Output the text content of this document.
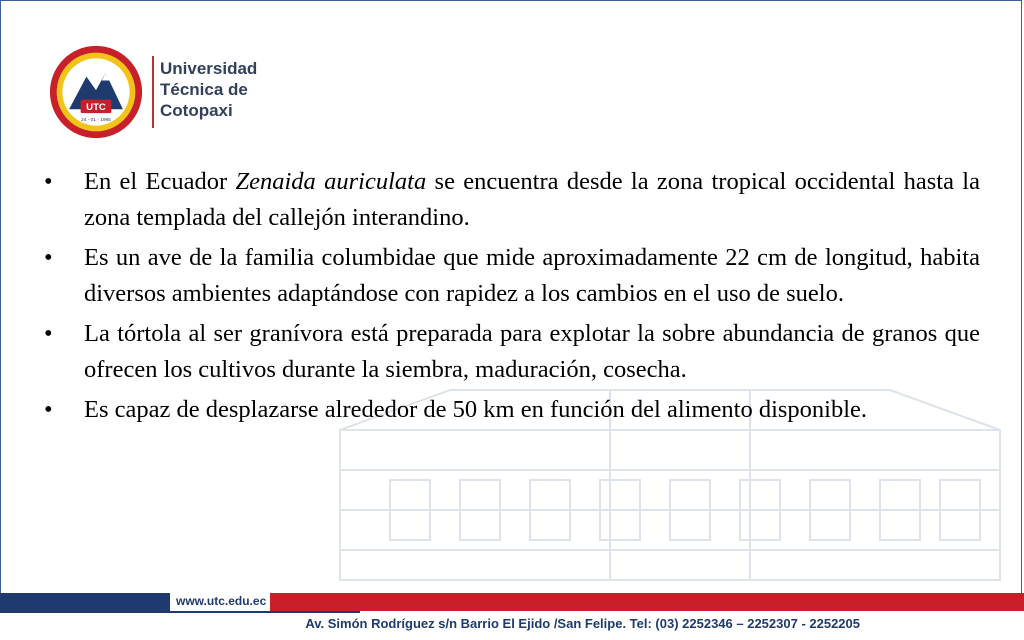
UTC
24 - 01 - 1995
Universidad
Técnica de
Cotopaxi
• En el Ecuador Zenaida auriculata se encuentra desde la zona tropical occidental hasta la zona templada del callejón interandino.
• Es un ave de la familia columbidae que mide aproximadamente 22 cm de longitud, habita diversos ambientes adaptándose con rapidez a los cambios en el uso de suelo.
• La tórtola al ser granívora está preparada para explotar la sobre abundancia de granos que ofrecen los cultivos durante la siembra, maduración, cosecha.
• Es capaz de desplazarse alrededor de 50 km en función del alimento disponible.
www.utc.edu.ec
Av. Simón Rodríguez s/n Barrio El Ejido /San Felipe. Tel: (03) 2252346 – 2252307 - 2252205
